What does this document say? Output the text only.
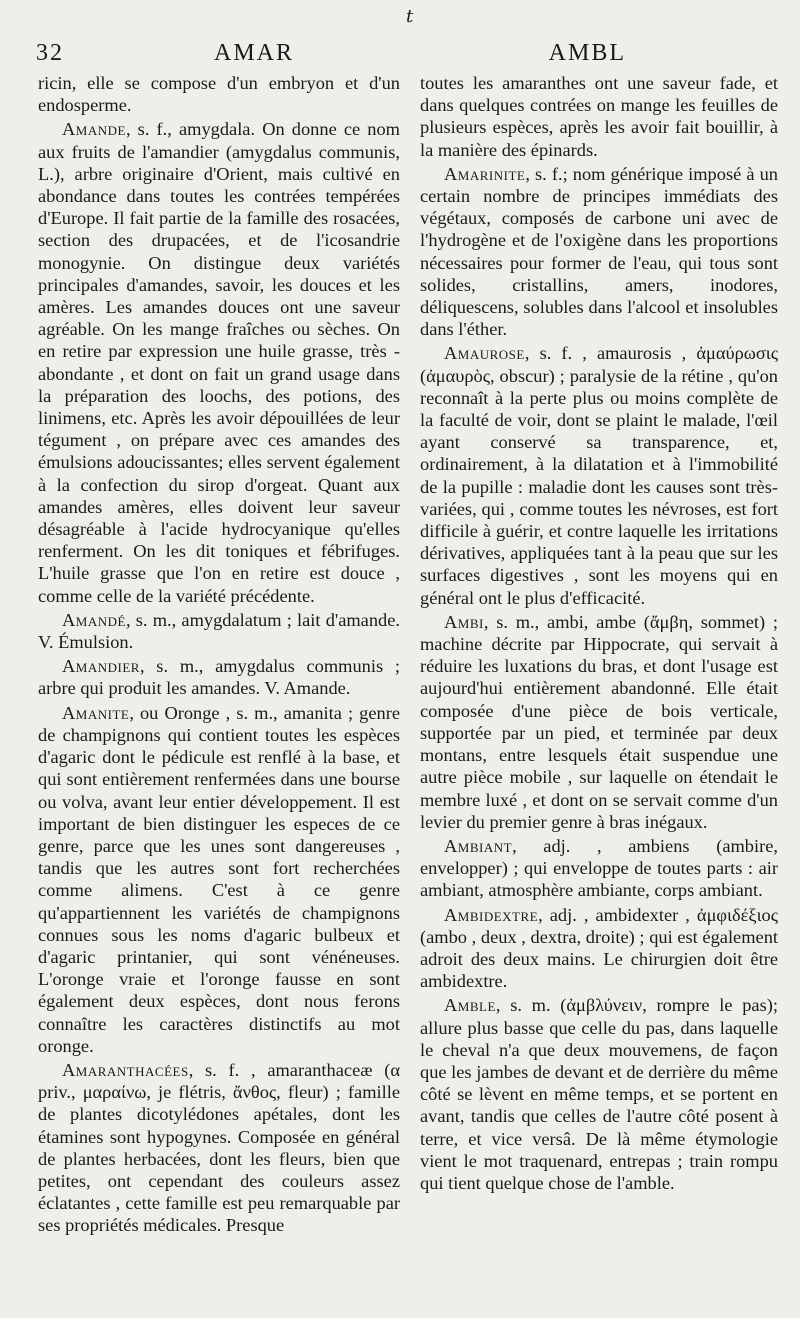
t
32	AMAR	AMBL

ricin, elle se compose d'un embryon et d'un endosperme.

Amande, s. f., amygdala. On donne ce nom aux fruits de l'amandier (amygdalus communis, L.), arbre originaire d'Orient, mais cultivé en abondance dans toutes les contrées tempérées d'Europe. Il fait partie de la famille des rosacées, section des drupacées, et de l'icosandrie monogynie. On distingue deux variétés principales d'amandes, savoir, les douces et les amères. Les amandes douces ont une saveur agréable. On les mange fraîches ou sèches. On en retire par expression une huile grasse, très - abondante , et dont on fait un grand usage dans la préparation des loochs, des potions, des linimens, etc. Après les avoir dépouillées de leur tégument , on prépare avec ces amandes des émulsions adoucissantes; elles servent également à la confection du sirop d'orgeat. Quant aux amandes amères, elles doivent leur saveur désagréable à l'acide hydrocyanique qu'elles renferment. On les dit toniques et fébrifuges. L'huile grasse que l'on en retire est douce , comme celle de la variété précédente.

Amandé, s. m., amygdalatum ; lait d'amande. V. Émulsion.

Amandier, s. m., amygdalus communis ; arbre qui produit les amandes. V. Amande.

Amanite, ou Oronge , s. m., amanita ; genre de champignons qui contient toutes les espèces d'agaric dont le pédicule est renflé à la base, et qui sont entièrement renfermées dans une bourse ou volva, avant leur entier développement. Il est important de bien distinguer les especes de ce genre, parce que les unes sont dangereuses , tandis que les autres sont fort recherchées comme alimens. C'est à ce genre qu'appartiennent les variétés de champignons connues sous les noms d'agaric bulbeux et d'agaric printanier, qui sont vénéneuses. L'oronge vraie et l'oronge fausse en sont également deux espèces, dont nous ferons connaître les caractères distinctifs au mot oronge.

Amaranthacées, s. f. , amaranthaceæ (α priv., μαραίνω, je flétris, ἄνθος, fleur) ; famille de plantes dicotylédones apétales, dont les étamines sont hypogynes. Composée en général de plantes herbacées, dont les fleurs, bien que petites, ont cependant des couleurs assez éclatantes , cette famille est peu remarquable par ses propriétés médicales. Presque

toutes les amaranthes ont une saveur fade, et dans quelques contrées on mange les feuilles de plusieurs espèces, après les avoir fait bouillir, à la manière des épinards.

Amarinite, s. f.; nom générique imposé à un certain nombre de principes immédiats des végétaux, composés de carbone uni avec de l'hydrogène et de l'oxigène dans les proportions nécessaires pour former de l'eau, qui tous sont solides, cristallins, amers, inodores, déliquescens, solubles dans l'alcool et insolubles dans l'éther.

Amaurose, s. f. , amaurosis , ἀμαύρωσις (ἀμαυρὸς, obscur) ; paralysie de la rétine , qu'on reconnaît à la perte plus ou moins complète de la faculté de voir, dont se plaint le malade, l'œil ayant conservé sa transparence, et, ordinairement, à la dilatation et à l'immobilité de la pupille : maladie dont les causes sont très-variées, qui , comme toutes les névroses, est fort difficile à guérir, et contre laquelle les irritations dérivatives, appliquées tant à la peau que sur les surfaces digestives , sont les moyens qui en général ont le plus d'efficacité.

Ambi, s. m., ambi, ambe (ἄμβη, sommet) ; machine décrite par Hippocrate, qui servait à réduire les luxations du bras, et dont l'usage est aujourd'hui entièrement abandonné. Elle était composée d'une pièce de bois verticale, supportée par un pied, et terminée par deux montans, entre lesquels était suspendue une autre pièce mobile , sur laquelle on étendait le membre luxé , et dont on se servait comme d'un levier du premier genre à bras inégaux.

Ambiant, adj. , ambiens (ambire, envelopper) ; qui enveloppe de toutes parts : air ambiant, atmosphère ambiante, corps ambiant.

Ambidextre, adj. , ambidexter , ἀμφιδέξιος (ambo , deux , dextra, droite) ; qui est également adroit des deux mains. Le chirurgien doit être ambidextre.

Amble, s. m. (ἀμβλύνειν, rompre le pas); allure plus basse que celle du pas, dans laquelle le cheval n'a que deux mouvemens, de façon que les jambes de devant et de derrière du même côté se lèvent en même temps, et se portent en avant, tandis que celles de l'autre côté posent à terre, et vice versâ. De là même étymologie vient le mot traquenard, entrepas ; train rompu qui tient quelque chose de l'amble.
